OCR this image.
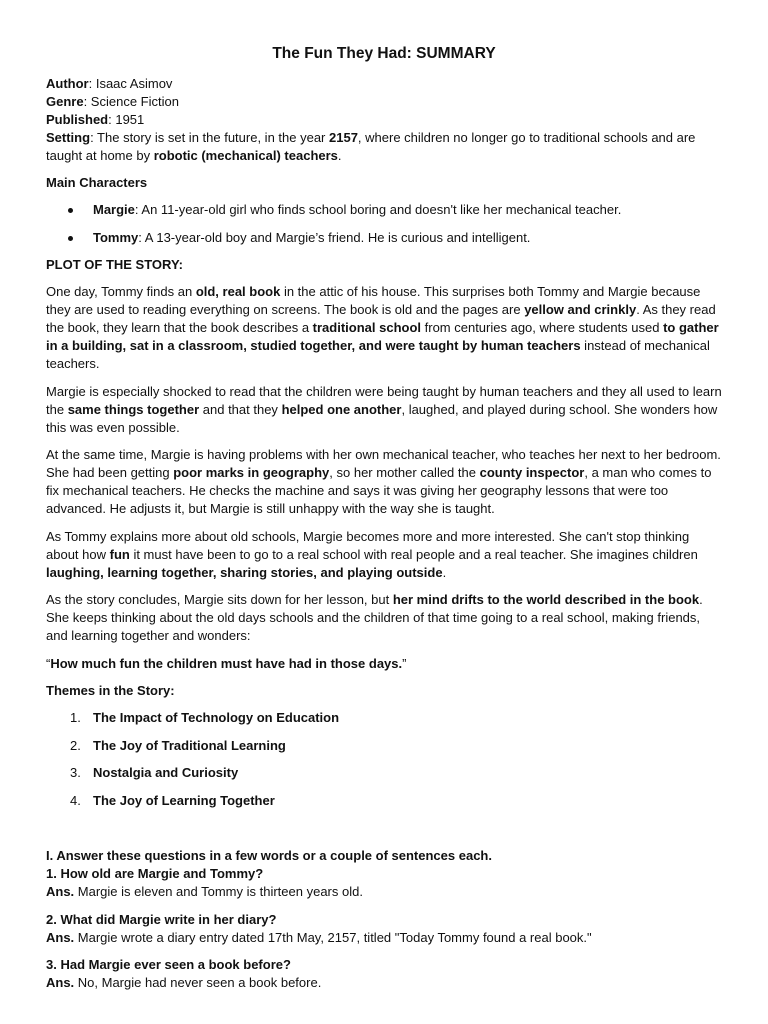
The Fun They Had: SUMMARY

Author: Isaac Asimov

Genre: Science Fiction

Published: 1951

Setting: The story is set in the future, in the year 2157, where children no longer go to traditional schools and are taught at home by robotic (mechanical) teachers.

Main Characters
Margie: An 11-year-old girl who finds school boring and doesn't like her mechanical teacher.
Tommy: A 13-year-old boy and Margie’s friend. He is curious and intelligent.
PLOT OF THE STORY:

One day, Tommy finds an old, real book in the attic of his house. This surprises both Tommy and Margie because they are used to reading everything on screens. The book is old and the pages are yellow and crinkly. As they read the book, they learn that the book describes a traditional school from centuries ago, where students used to gather in a building, sat in a classroom, studied together, and were taught by human teachers instead of mechanical teachers.

Margie is especially shocked to read that the children were being taught by human teachers and they all used to learn the same things together and that they helped one another, laughed, and played during school. She wonders how this was even possible.

At the same time, Margie is having problems with her own mechanical teacher, who teaches her next to her bedroom. She had been getting poor marks in geography, so her mother called the county inspector, a man who comes to fix mechanical teachers. He checks the machine and says it was giving her geography lessons that were too advanced. He adjusts it, but Margie is still unhappy with the way she is taught.

As Tommy explains more about old schools, Margie becomes more and more interested. She can't stop thinking about how fun it must have been to go to a real school with real people and a real teacher. She imagines children laughing, learning together, sharing stories, and playing outside.

As the story concludes, Margie sits down for her lesson, but her mind drifts to the world described in the book. She keeps thinking about the old days schools and the children of that time going to a real school, making friends, and learning together and wonders:

“How much fun the children must have had in those days.”

Themes in the Story:
1. The Impact of Technology on Education
2. The Joy of Traditional Learning
3. Nostalgia and Curiosity
4. The Joy of Learning Together

I. Answer these questions in a few words or a couple of sentences each.

1. How old are Margie and Tommy?

Ans. Margie is eleven and Tommy is thirteen years old.

2. What did Margie write in her diary?

Ans. Margie wrote a diary entry dated 17th May, 2157, titled "Today Tommy found a real book."

3. Had Margie ever seen a book before?

Ans. No, Margie had never seen a book before.
